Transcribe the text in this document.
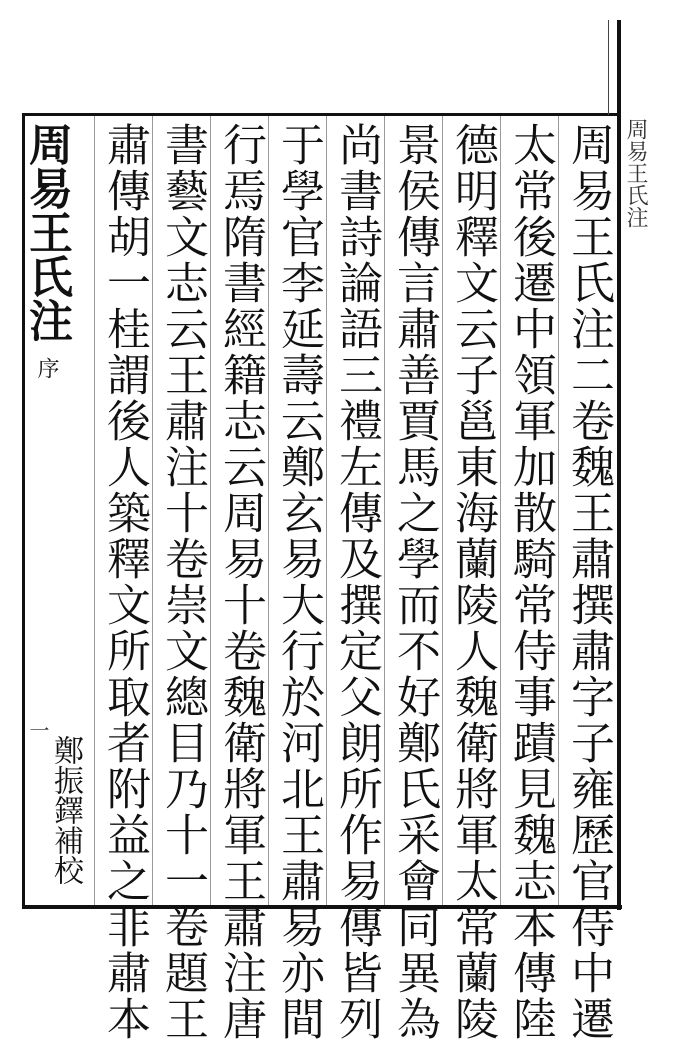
周易王氏注
周易王氏注二卷魏王肅撰肅字子雍歷官侍中遷
太常後遷中領軍加散騎常侍事蹟見魏志本傳陸
德明釋文云子邕東海蘭陵人魏衛將軍太常蘭陵
景侯傳言肅善賈馬之學而不好鄭氏采會同異為
尚書詩論語三禮左傳及撰定父朗所作易傳皆列
于學官李延壽云鄭玄易大行於河北王肅易亦間
行焉隋書經籍志云周易十卷魏衛將軍王肅注唐
書藝文志云王肅注十卷崇文總目乃十一卷題王
肅傳胡一桂謂後人築釋文所取者附益之非肅本
周易王氏注 序
一
鄭振鐸補校
